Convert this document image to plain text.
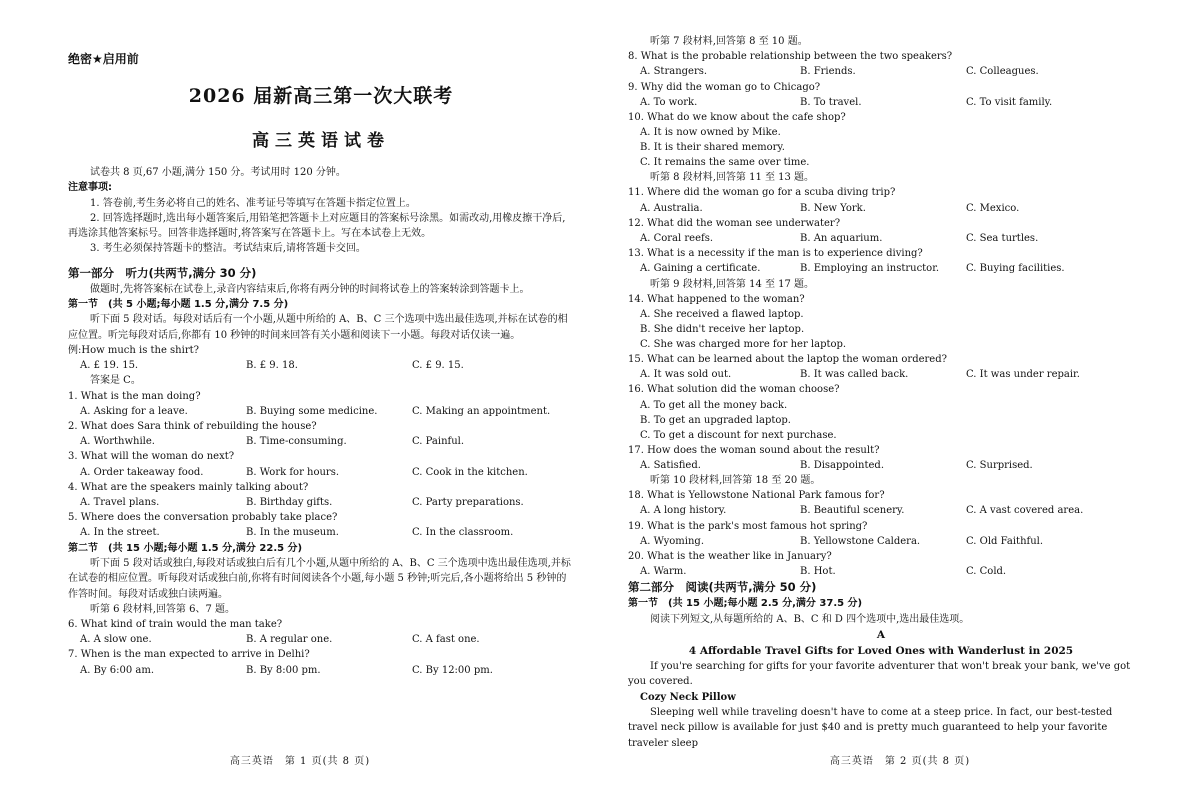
绝密★启用前
2026 届新高三第一次大联考
高三英语试卷
试卷共 8 页,67 小题,满分 150 分。考试用时 120 分钟。
注意事项:
1. 答卷前,考生务必将自己的姓名、准考证号等填写在答题卡指定位置上。
2. 回答选择题时,选出每小题答案后,用铅笔把答题卡上对应题目的答案标号涂黑。如需改动,用橡皮擦干净后,再选涂其他答案标号。回答非选择题时,将答案写在答题卡上。写在本试卷上无效。
3. 考生必须保持答题卡的整洁。考试结束后,请将答题卡交回。
第一部分　听力(共两节,满分 30 分)
做题时,先将答案标在试卷上,录音内容结束后,你将有两分钟的时间将试卷上的答案转涂到答题卡上。
第一节　(共 5 小题;每小题 1.5 分,满分 7.5 分)
听下面 5 段对话。每段对话后有一个小题,从题中所给的 A、B、C 三个选项中选出最佳选项,并标在试卷的相应位置。听完每段对话后,你都有 10 秒钟的时间来回答有关小题和阅读下一小题。每段对话仅读一遍。
例:How much is the shirt?
A. £ 19. 15.	B. £ 9. 18.	C. £ 9. 15.
答案是 C。
1. What is the man doing?
A. Asking for a leave.	B. Buying some medicine.	C. Making an appointment.
2. What does Sara think of rebuilding the house?
A. Worthwhile.	B. Time-consuming.	C. Painful.
3. What will the woman do next?
A. Order takeaway food.	B. Work for hours.	C. Cook in the kitchen.
4. What are the speakers mainly talking about?
A. Travel plans.	B. Birthday gifts.	C. Party preparations.
5. Where does the conversation probably take place?
A. In the street.	B. In the museum.	C. In the classroom.
第二节　(共 15 小题;每小题 1.5 分,满分 22.5 分)
听下面 5 段对话或独白,每段对话或独白后有几个小题,从题中所给的 A、B、C 三个选项中选出最佳选项,并标在试卷的相应位置。听每段对话或独白前,你将有时间阅读各个小题,每小题 5 秒钟;听完后,各小题将给出 5 秒钟的作答时间。每段对话或独白读两遍。
听第 6 段材料,回答第 6、7 题。
6. What kind of train would the man take?
A. A slow one.	B. A regular one.	C. A fast one.
7. When is the man expected to arrive in Delhi?
A. By 6:00 am.	B. By 8:00 pm.	C. By 12:00 pm.
高三英语　第 1 页(共 8 页)
听第 7 段材料,回答第 8 至 10 题。
8. What is the probable relationship between the two speakers?
A. Strangers.	B. Friends.	C. Colleagues.
9. Why did the woman go to Chicago?
A. To work.	B. To travel.	C. To visit family.
10. What do we know about the cafe shop?
A. It is now owned by Mike.
B. It is their shared memory.
C. It remains the same over time.
听第 8 段材料,回答第 11 至 13 题。
11. Where did the woman go for a scuba diving trip?
A. Australia.	B. New York.	C. Mexico.
12. What did the woman see underwater?
A. Coral reefs.	B. An aquarium.	C. Sea turtles.
13. What is a necessity if the man is to experience diving?
A. Gaining a certificate.	B. Employing an instructor.	C. Buying facilities.
听第 9 段材料,回答第 14 至 17 题。
14. What happened to the woman?
A. She received a flawed laptop.
B. She didn't receive her laptop.
C. She was charged more for her laptop.
15. What can be learned about the laptop the woman ordered?
A. It was sold out.	B. It was called back.	C. It was under repair.
16. What solution did the woman choose?
A. To get all the money back.
B. To get an upgraded laptop.
C. To get a discount for next purchase.
17. How does the woman sound about the result?
A. Satisfied.	B. Disappointed.	C. Surprised.
听第 10 段材料,回答第 18 至 20 题。
18. What is Yellowstone National Park famous for?
A. A long history.	B. Beautiful scenery.	C. A vast covered area.
19. What is the park's most famous hot spring?
A. Wyoming.	B. Yellowstone Caldera.	C. Old Faithful.
20. What is the weather like in January?
A. Warm.	B. Hot.	C. Cold.
第二部分　阅读(共两节,满分 50 分)
第一节　(共 15 小题;每小题 2.5 分,满分 37.5 分)
阅读下列短文,从每题所给的 A、B、C 和 D 四个选项中,选出最佳选项。
A
4 Affordable Travel Gifts for Loved Ones with Wanderlust in 2025
If you're searching for gifts for your favorite adventurer that won't break your bank, we've got you covered.
Cozy Neck Pillow
Sleeping well while traveling doesn't have to come at a steep price. In fact, our best-tested travel neck pillow is available for just $40 and is pretty much guaranteed to help your favorite traveler sleep
高三英语　第 2 页(共 8 页)
